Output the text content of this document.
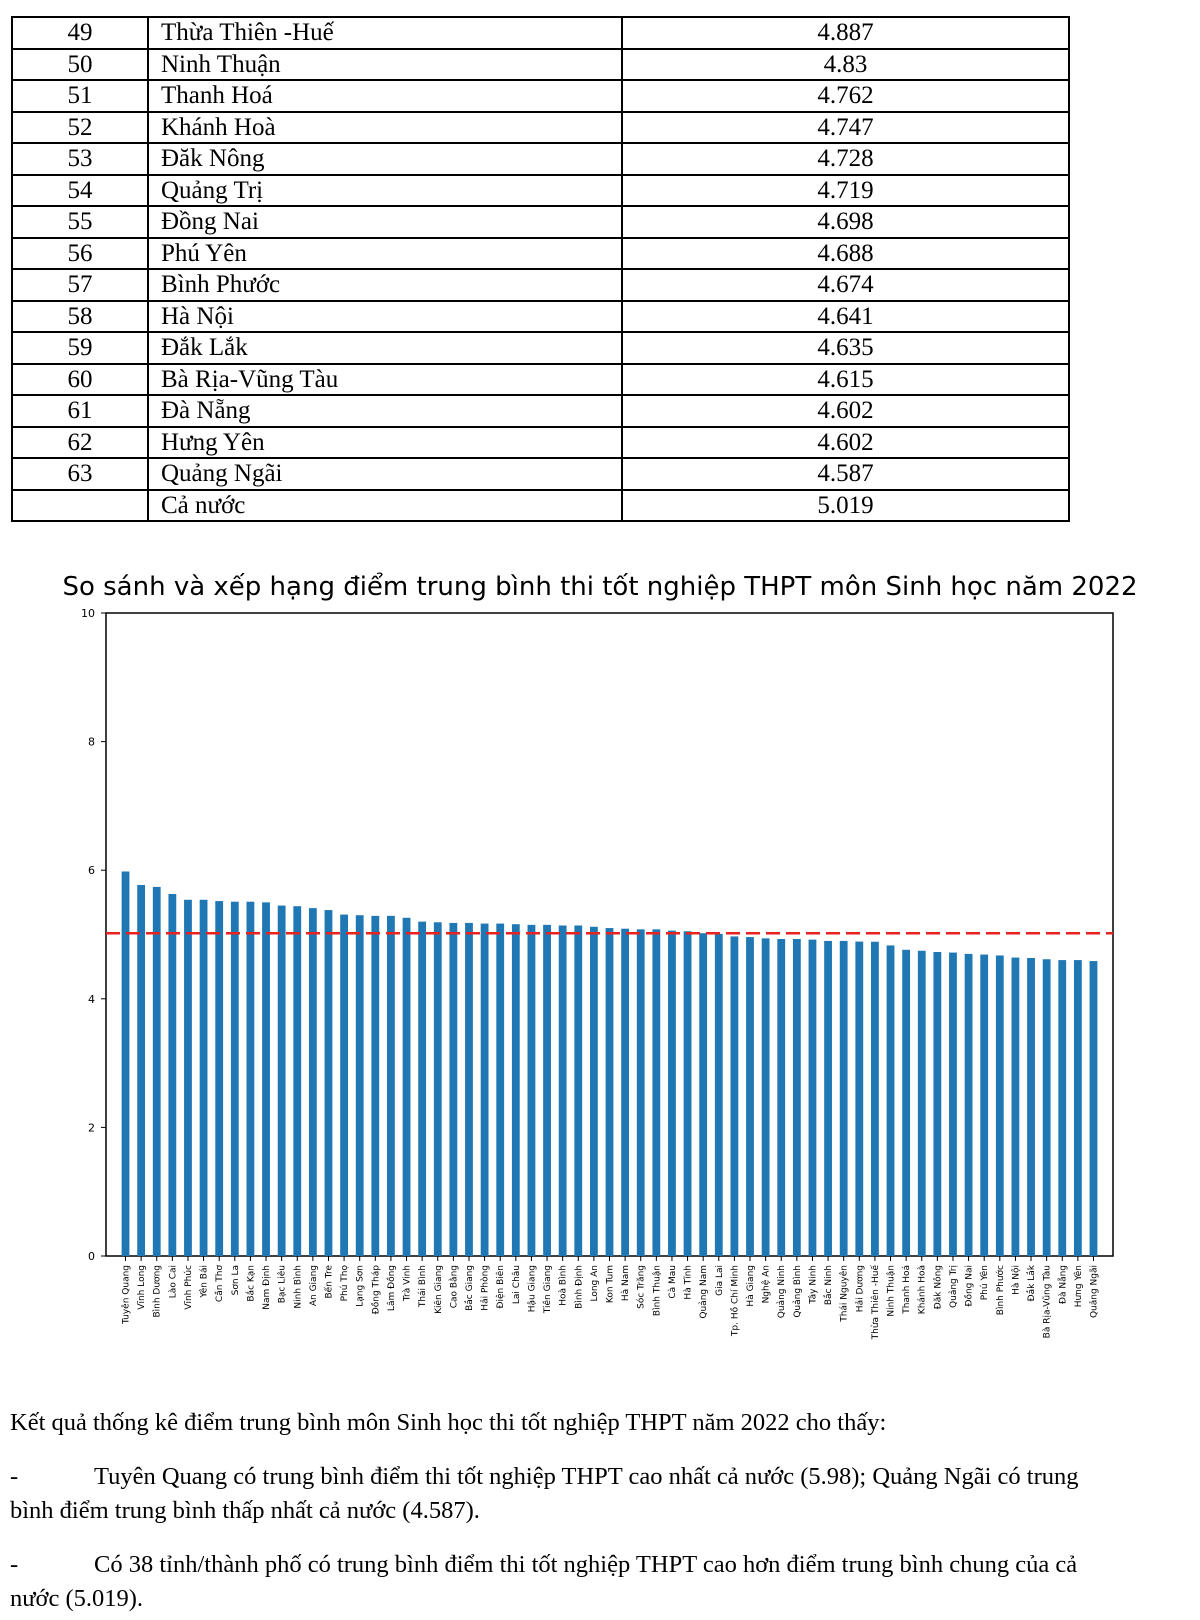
49	Thừa Thiên -Huế	4.887
50	Ninh Thuận	4.83
51	Thanh Hoá	4.762
52	Khánh Hoà	4.747
53	Đăk Nông	4.728
54	Quảng Trị	4.719
55	Đồng Nai	4.698
56	Phú Yên	4.688
57	Bình Phước	4.674
58	Hà Nội	4.641
59	Đắk Lắk	4.635
60	Bà Rịa-Vũng Tàu	4.615
61	Đà Nẵng	4.602
62	Hưng Yên	4.602
63	Quảng Ngãi	4.587
	Cả nước	5.019
So sánh và xếp hạng điểm trung bình thi tốt nghiệp THPT môn Sinh học năm 2022
0
2
4
6
8
10
Tuyên Quang Vĩnh Long Bình Dương Lào Cai Vĩnh Phúc Yên Bái Cần Thơ Sơn La Bắc Kạn Nam Định Bạc Liêu Ninh Bình An Giang Bến Tre Phú Thọ Lạng Sơn Đồng Tháp Lâm Đồng Trà Vinh Thái Bình Kiên Giang Cao Bằng Bắc Giang Hải Phòng Điện Biên Lai Châu Hậu Giang Tiền Giang Hoà Bình Bình Định Long An Kon Tum Hà Nam Sóc Trăng Bình Thuận Cà Mau Hà Tĩnh Quảng Nam Gia Lai Tp. Hồ Chí Minh Hà Giang Nghệ An Quảng Ninh Quảng Bình Tây Ninh Bắc Ninh Thái Nguyên Hải Dương Thừa Thiên -Huế Ninh Thuận Thanh Hoá Khánh Hoà Đăk Nông Quảng Trị Đồng Nai Phú Yên Bình Phước Hà Nội Đắk Lắk Bà Rịa-Vũng Tàu Đà Nẵng Hưng Yên Quảng Ngãi

Kết quả thống kê điểm trung bình môn Sinh học thi tốt nghiệp THPT năm 2022 cho thấy:

-	Tuyên Quang có trung bình điểm thi tốt nghiệp THPT cao nhất cả nước (5.98); Quảng Ngãi có trung bình điểm trung bình thấp nhất cả nước (4.587).

-	Có 38 tỉnh/thành phố có trung bình điểm thi tốt nghiệp THPT cao hơn điểm trung bình chung của cả nước (5.019).
